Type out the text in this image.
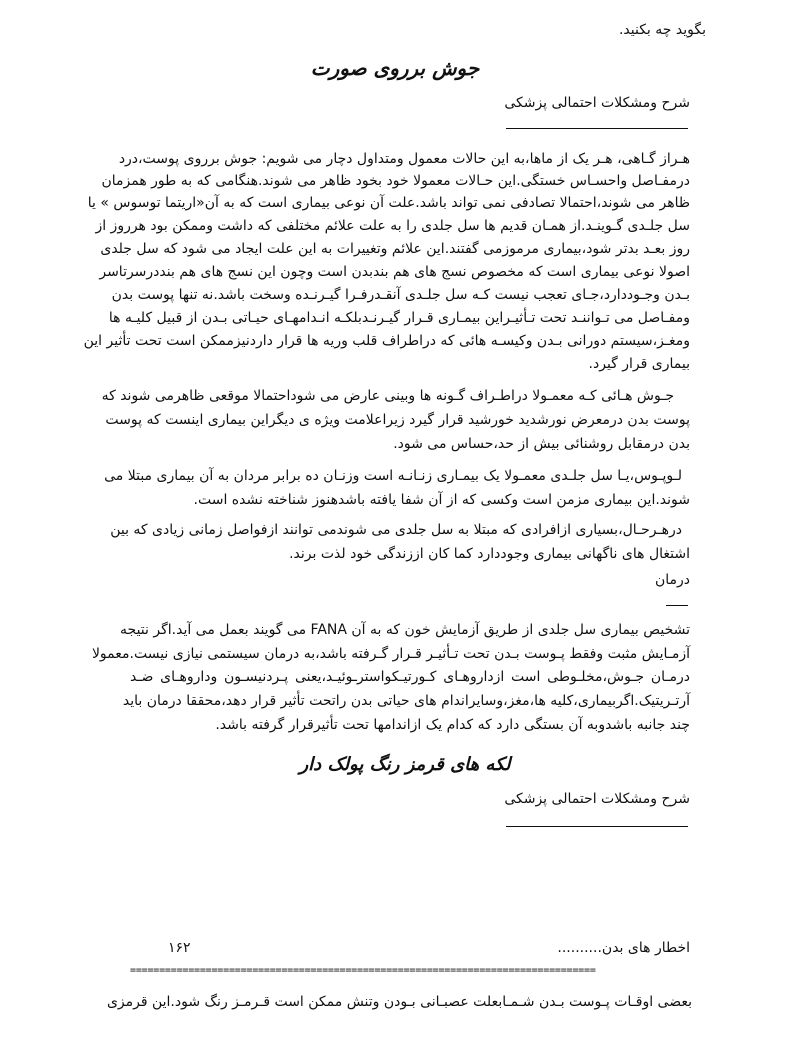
بگوید چه بکنید.
جوش برروی صورت
شرح ومشکلات احتمالی پزشکی
هـراز گـاهی، هـر یک از ماها،به این حالات معمول ومتداول دچار می شویم: جوش برروی پوست،درد
درمفـاصل واحسـاس خستگی.این حـالات معمولا خود بخود ظاهر می شوند.هنگامی که به طور همزمان
ظاهر می شوند،احتمالا تصادفی نمی تواند باشد.علت آن نوعی بیماری است که به آن«اریتما توسوس » یا
سل جلـدی گـوینـد.از همـان قدیم ها سل جلدی را به علت علائم مختلفی که داشت وممکن بود هرروز از
روز بعـد بدتر شود،بیماری مرموزمی گفتند.این علائم وتغییرات به این علت ایجاد می شود که سل جلدی
اصولا نوعی بیماری است که مخصوص نسج های هم بندبدن است وچون این نسج های هم بنددرسرتاسر
بـدن وجـوددارد،جـای تعجب نیست کـه سل جلـدی آنقـدرفـرا گیـرنـده وسخت باشد.نه تنها پوست بدن
ومفـاصل می تـواننـد تحت تـأثیـراین بیمـاری قـرار گیـرنـدبلکـه انـدامهـای حیـاتی بـدن از قبیل کلیـه ها
ومغـز،سیستم دورانی بـدن وکیسـه هائی که دراطراف قلب وریه ها قرار داردنیزممکن است تحت تأثیر این
بیماری قرار گیرد.
جـوش هـائی کـه معمـولا دراطـراف گـونه ها وبینی عارض می شوداحتمالا موقعی ظاهرمی شوند که
پوست بدن درمعرض نورشدید خورشید قرار گیرد زیراعلامت ویژه ی دیگراین بیماری اینست که پوست
بدن درمقابل روشنائی بیش از حد،حساس می شود.
لـوپـوس،یـا سل جلـدی معمـولا یک بیمـاری زنـانـه است وزنـان ده برابر مردان به آن بیماری مبتلا می
شوند.این بیماری مزمن است وکسی که از آن شفا یافته باشدهنوز شناخته نشده است.
درهـرحـال،بسیاری ازافرادی که مبتلا به سل جلدی می شوندمی توانند ازفواصل زمانی زیادی که بین
اشتغال های ناگهانی بیماری وجوددارد کما کان اززندگی خود لذت برند.
درمان
تشخیص بیماری سل جلدی از طریق آزمایش خون که به آن FANA می گویند بعمل می آید.اگر نتیجه
آزمـایش مثبت وفقط پـوست بـدن تحت تـأثیـر قـرار گـرفته باشد،به درمان سیستمی نیازی نیست.معمولا
درمـان جـوش،مخلـوطی است ازداروهـای کـورتیـکواسترـوئیـد،یعنی پـردنیسـون وداروهـای ضـد
آرتـریتیک.اگربیماری،کلیه ها،مغز،وسایراندام های حیاتی بدن راتحت تأثیر قرار دهد،محققا درمان باید
چند جانبه باشدوبه آن بستگی دارد که کدام یک ازاندامها تحت تأثیرقرار گرفته باشد.
لکه های قرمز رنگ پولک دار
شرح ومشکلات احتمالی پزشکی
اخطار های بدن..........
۱۶۲
================================================================================
بعضی اوقـات پـوست بـدن شـمـابعلت عصبـانی بـودن وتنش ممکن است قـرمـز رنگ شود.این قرمزی
